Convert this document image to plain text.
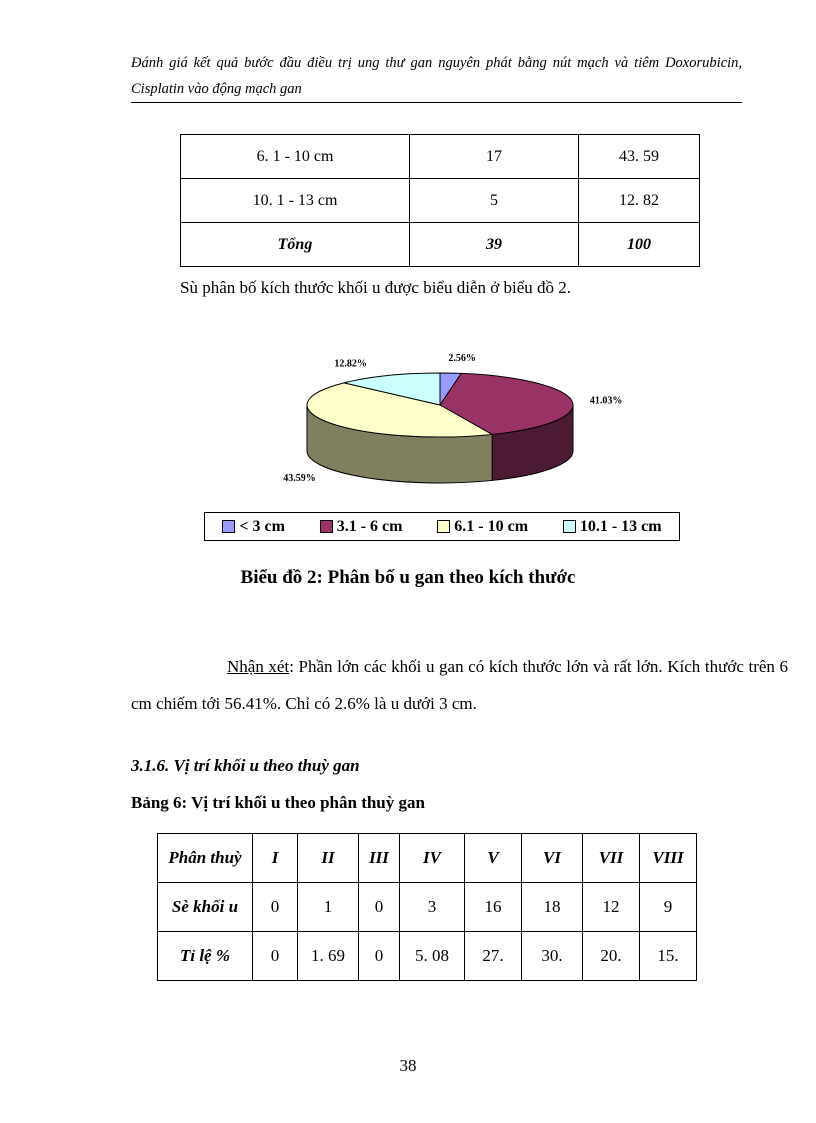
Đánh giá kết quả bước đầu điều trị ung thư gan nguyên phát bằng nút mạch và tiêm Doxorubicin, Cisplatin vào động mạch gan
6. 1 - 10 cm	17	43. 59
10. 1 - 13 cm	5	12. 82
Tổng	39	100
Sù phân bố kích thước khối u được biểu diễn ở biểu đồ 2.
2.56%
41.03%
43.59%
12.82%
< 3 cm	3.1 - 6 cm	6.1 - 10 cm	10.1 - 13 cm
Biểu đồ 2: Phân bố u gan theo kích thước
Nhận xét: Phần lớn các khối u gan có kích thước lớn và rất lớn. Kích thước trên 6 cm chiếm tới 56.41%. Chỉ có 2.6% là u dưới 3 cm.
3.1.6. Vị trí khối u theo thuỳ gan
Bảng 6: Vị trí khối u theo phân thuỳ gan
Phân thuỳ	I	II	III	IV	V	VI	VII	VIII
Sè khối u	0	1	0	3	16	18	12	9
Tỉ lệ %	0	1. 69	0	5. 08	27.	30.	20.	15.
38
